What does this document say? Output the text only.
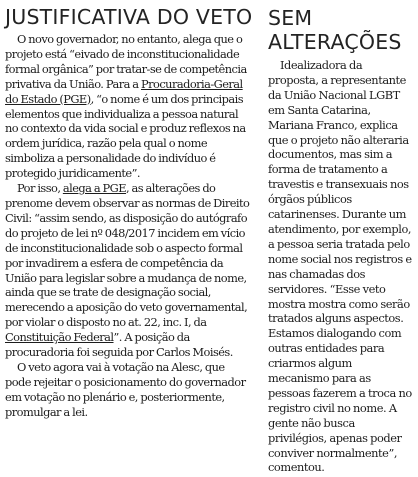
JUSTIFICATIVA DO VETO

O novo governador, no entanto, alega que o projeto está “eivado de inconstitucionalidade formal orgânica” por tratar-se de competência privativa da União. Para a Procuradoria-Geral do Estado (PGE), “o nome é um dos principais elementos que individualiza a pessoa natural no contexto da vida social e produz reflexos na ordem jurídica, razão pela qual o nome simboliza a personalidade do indivíduo é protegido juridicamente”.

Por isso, alega a PGE, as alterações do prenome devem observar as normas de Direito Civil: “assim sendo, as disposição do autógrafo do projeto de lei nº 048/2017 incidem em vício de inconstitucionalidade sob o aspecto formal por invadirem a esfera de competência da União para legislar sobre a mudança de nome, ainda que se trate de designação social, merecendo a aposição do veto governamental, por violar o disposto no at. 22, inc. I, da Constituição Federal”. A posição da procuradoria foi seguida por Carlos Moisés.

O veto agora vai à votação na Alesc, que pode rejeitar o posicionamento do governador em votação no plenário e, posteriormente, promulgar a lei.

SEM
ALTERAÇÕES

Idealizadora da proposta, a representante da União Nacional LGBT em Santa Catarina, Mariana Franco, explica que o projeto não alteraria documentos, mas sim a forma de tratamento a travestis e transexuais nos órgãos públicos catarinenses. Durante um atendimento, por exemplo, a pessoa seria tratada pelo nome social nos registros e nas chamadas dos servidores. “Esse veto mostra mostra como serão tratados alguns aspectos. Estamos dialogando com outras entidades para criarmos algum mecanismo para as pessoas fazerem a troca no registro civil no nome. A gente não busca privilégios, apenas poder conviver normalmente”, comentou.
